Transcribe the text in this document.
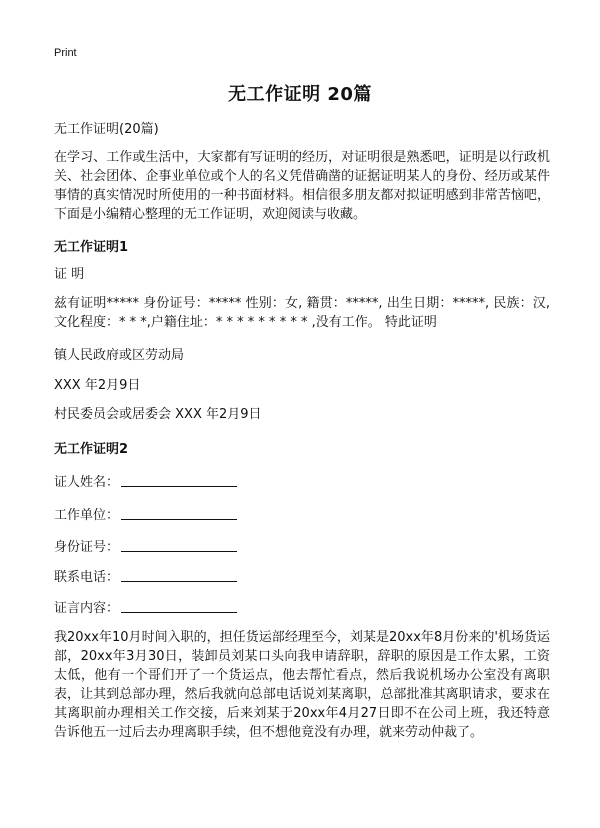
Print
无工作证明 20篇
无工作证明(20篇)
在学习、工作或生活中，大家都有写证明的经历，对证明很是熟悉吧，证明是以行政机关、社会团体、企事业单位或个人的名义凭借确凿的证据证明某人的身份、经历或某件事情的真实情况时所使用的一种书面材料。相信很多朋友都对拟证明感到非常苦恼吧，下面是小编精心整理的无工作证明，欢迎阅读与收藏。
无工作证明1
证 明
兹有证明***** 身份证号：***** 性别：女, 籍贯：*****, 出生日期：*****, 民族：汉,文化程度：* * *,户籍住址：* * * * * * * * * ,没有工作。 特此证明
镇人民政府或区劳动局
XXX 年2月9日
村民委员会或居委会 XXX 年2月9日
无工作证明2
证人姓名：
工作单位：
身份证号：
联系电话：
证言内容：
我20xx年10月时间入职的，担任货运部经理至今，刘某是20xx年8月份来的'机场货运部，20xx年3月30日，装卸员刘某口头向我申请辞职，辞职的原因是工作太累，工资太低，他有一个哥们开了一个货运点，他去帮忙看点，然后我说机场办公室没有离职表，让其到总部办理，然后我就向总部电话说刘某离职，总部批准其离职请求，要求在其离职前办理相关工作交接，后来刘某于20xx年4月27日即不在公司上班，我还特意告诉他五一过后去办理离职手续，但不想他竟没有办理，就来劳动仲裁了。
